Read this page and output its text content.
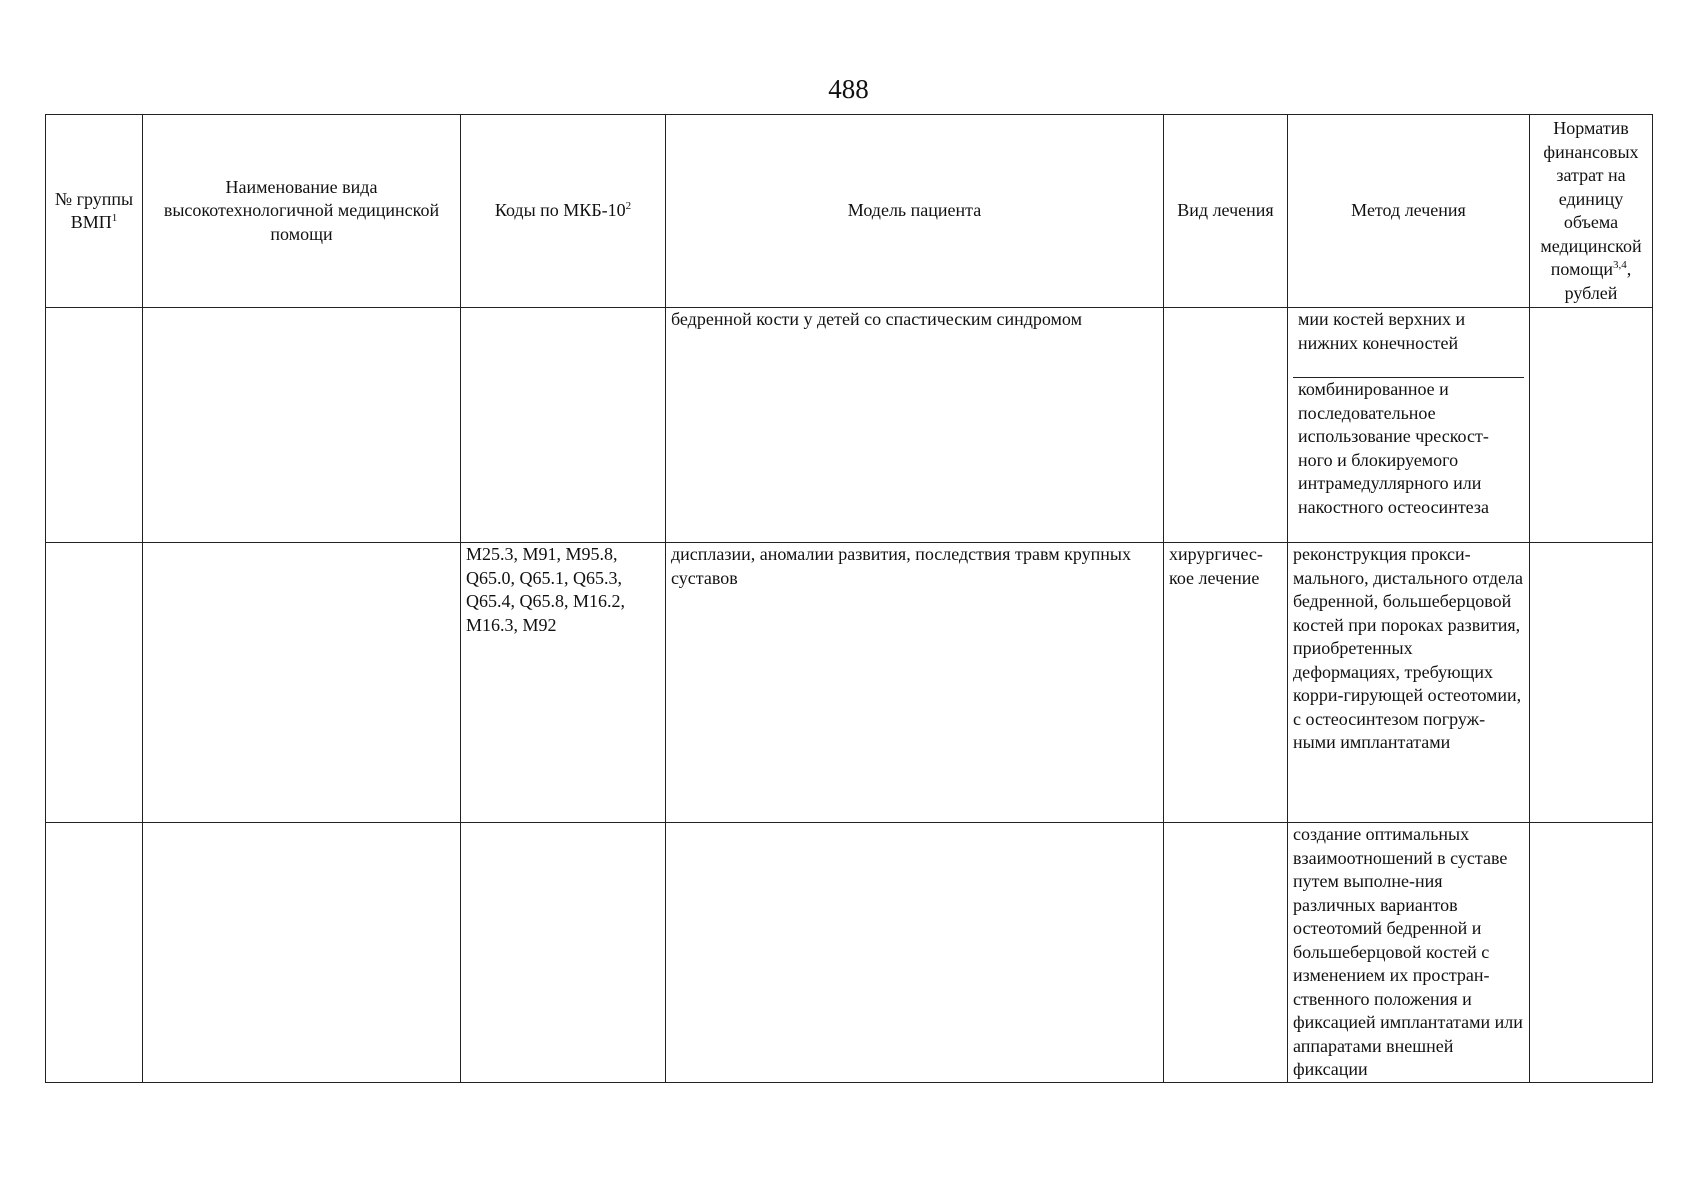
488
№ группы ВМП$^1$	Наименование вида высокотехнологичной медицинской помощи	Коды по МКБ-$10^2$	Модель пациента	Вид лечения	Метод лечения	Норматив финансовых затрат на единицу объема медицинской помощи$^{3,4}$, рублей
			бедренной кости у детей со спастическим синдромом		мии костей верхних и нижних конечностей
комбинированное и последовательное использование чрескост-ного и блокируемого интрамедуллярного или накостного остеосинтеза	

		M25.3, M91, M95.8, Q65.0, Q65.1, Q65.3, Q65.4, Q65.8, M16.2, M16.3, M92	дисплазии, аномалии развития, последствия травм крупных суставов	хирургичес-кое лечение	реконструкция прокси-мального, дистального отдела бедренной, большеберцовой костей при пороках развития, приобретенных деформациях, требующих корри-гирующей остеотомии, с остеосинтезом погруж-ными имплантатами	
					создание оптимальных взаимоотношений в суставе путем выполне-ния различных вариантов остеотомий бедренной и большеберцовой костей с изменением их простран-ственного положения и фиксацией имплантатами или аппаратами внешней фиксации	
